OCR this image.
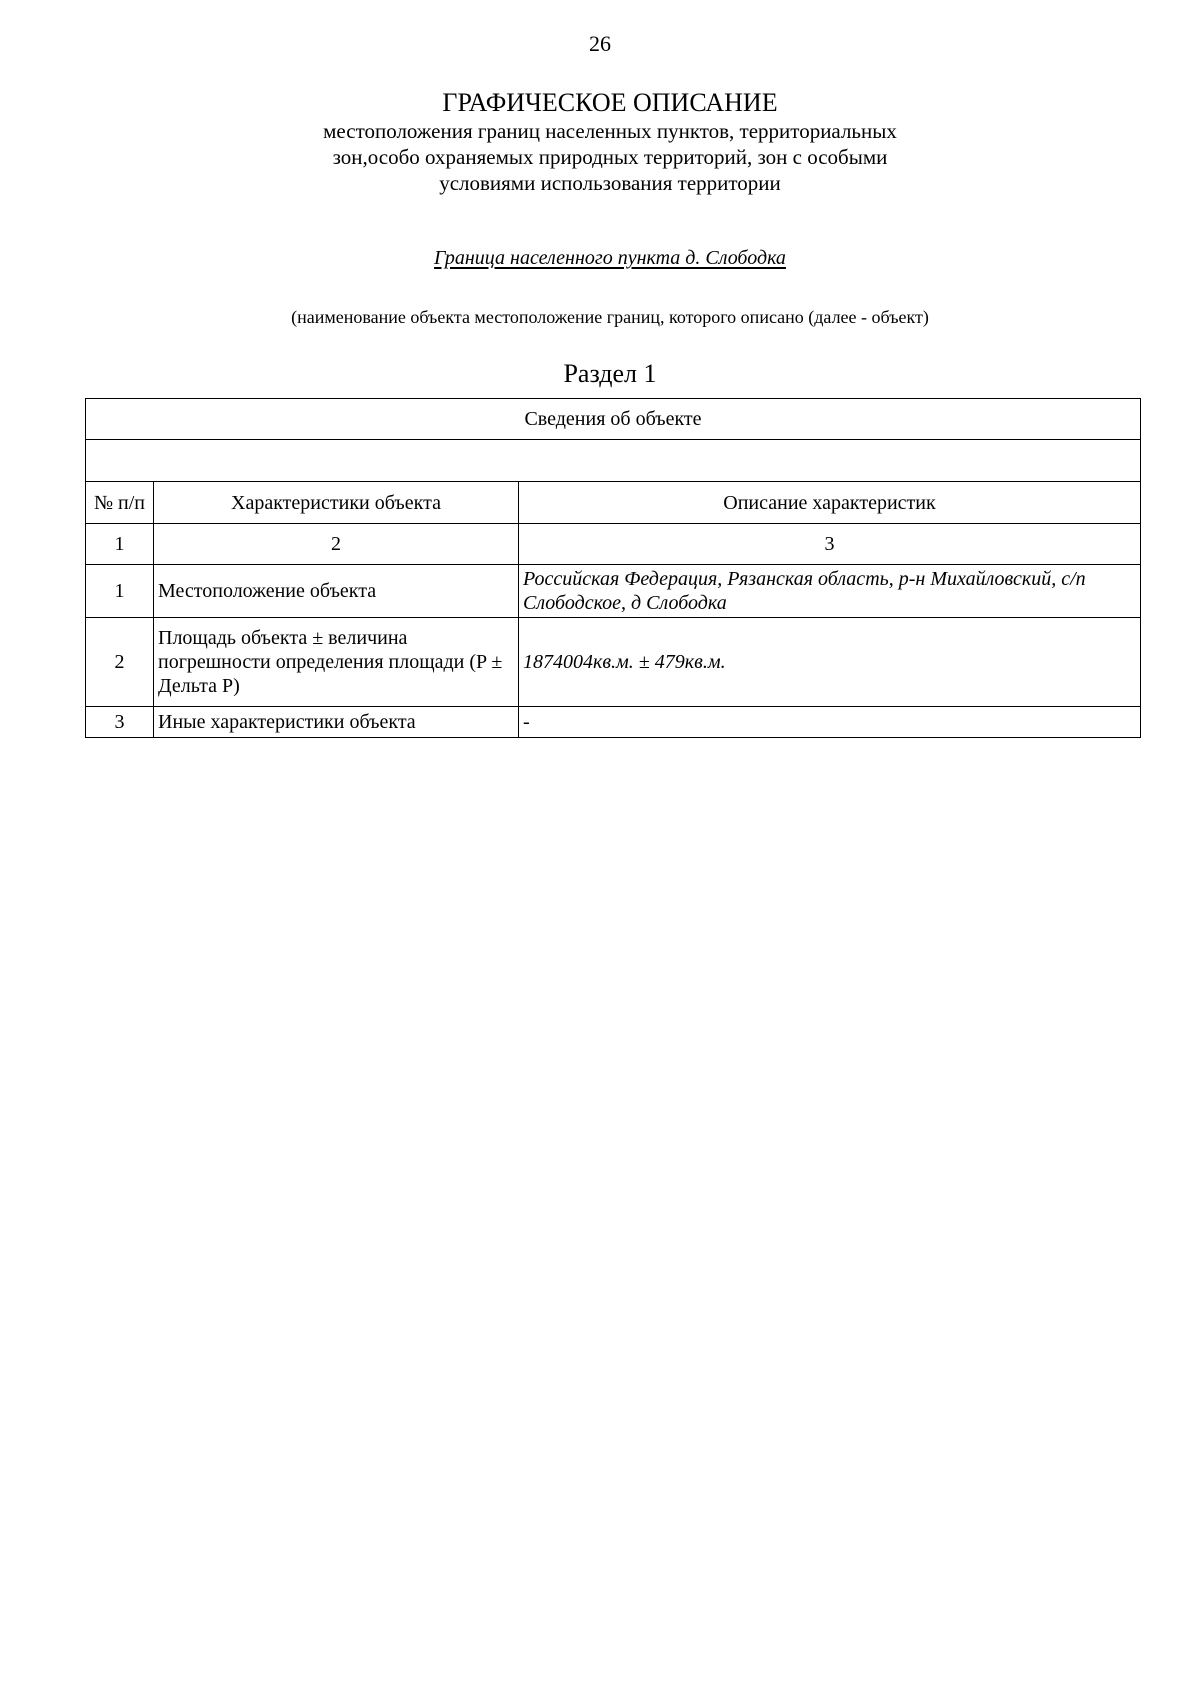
26
ГРАФИЧЕСКОЕ ОПИСАНИЕ
местоположения границ населенных пунктов, территориальных
зон,особо охраняемых природных территорий, зон с особыми
условиями использования территории
Граница населенного пункта д. Слободка
(наименование объекта местоположение границ, которого описано (далее - объект)
Раздел 1
Сведения об объекте		

№ п/п	Характеристики объекта	Описание характеристик
1	2	3
1	Местоположение объекта	Российская Федерация, Рязанская область, р-н Михайловский, с/п Слободское, д Слободка
2	Площадь объекта ± величина погрешности определения площади (P ± Дельта P)	1874004кв.м. ± 479кв.м.
3	Иные характеристики объекта	-
